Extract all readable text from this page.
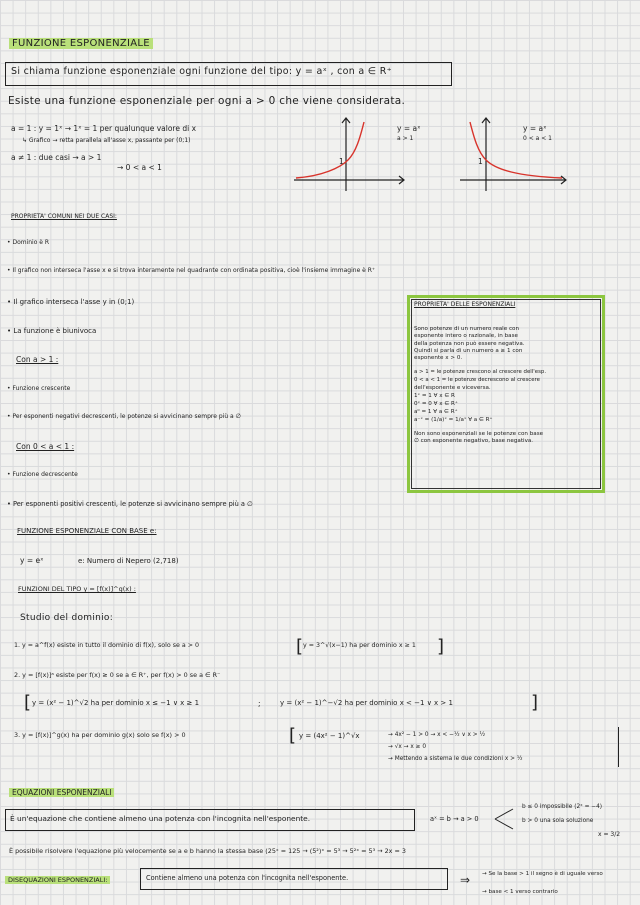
FUNZIONE ESPONENZIALE
Si chiama funzione esponenziale ogni funzione del tipo: y = aˣ , con a ∈ R⁺
Esiste una funzione esponenziale per ogni a > 0 che viene considerata.
a = 1 : y = 1ˣ → 1ˣ = 1 per qualunque valore di x
↳ Grafico → retta parallela all'asse x, passante per (0;1)
a ≠ 1 : due casi → a > 1
→ 0 < a < 1
1
y = aˣ
a > 1
1
y = aˣ
0 < a < 1
PROPRIETA' COMUNI NEI DUE CASI:
• Dominio è R
• Il grafico non interseca l'asse x e si trova interamente nel quadrante con ordinata positiva, cioè l'insieme immagine è R⁺
• Il grafico interseca l'asse y in (0;1)
• La funzione è biunivoca
Con a > 1 :
• Funzione crescente
• Per esponenti negativi decrescenti, le potenze si avvicinano sempre più a ∅
Con 0 < a < 1 :
• Funzione decrescente
• Per esponenti positivi crescenti, le potenze si avvicinano sempre più a ∅
PROPRIETA' DELLE ESPONENZIALI
Sono potenze di un numero reale con
esponente intero o razionale, in base
della potenza non può essere negativa.
Quindi si parla di un numero a ≥ 1 con
esponente x > 0.
a > 1 = le potenze crescono al crescere dell'esp.
0 < a < 1 = le potenze decrescono al crescere
dell'esponente e viceversa.
1ˣ = 1 ∀ x ∈ R
0ˣ = 0 ∀ x ∈ R⁺
a⁰ = 1 ∀ a ∈ R⁺
a⁻ˣ = (1/a)ˣ = 1/aˣ ∀ a ∈ R⁺
Non sono esponenziali se le potenze con base
∅ con esponente negativo, base negativa.
FUNZIONE ESPONENZIALE CON BASE e:
y = eˣ	e: Numero di Nepero (2,718)
FUNZIONI DEL TIPO y = [f(x)]^g(x) :
Studio del dominio:
1. y = a^f(x) esiste in tutto il dominio di f(x), solo se a > 0	y = 3^√(x−1) ha per dominio x ≥ 1
[	]
2. y = [f(x)]ᵃ esiste per f(x) ≥ 0 se a ∈ R⁺, per f(x) > 0 se a ∈ R⁻
[ y = (x² − 1)^√2 ha per dominio x ≤ −1 ∨ x ≥ 1	;	y = (x² − 1)^−√2 ha per dominio x < −1 ∨ x > 1	]
3. y = [f(x)]^g(x) ha per dominio g(x) solo se f(x) > 0	[ y = (4x² − 1)^√x	→ 4x² − 1 > 0 → x < −½ ∨ x > ½
→ √x → x ≥ 0
→ Mettendo a sistema le due condizioni x > ½
EQUAZIONI ESPONENZIALI
È un'equazione che contiene almeno una potenza con l'incognita nell'esponente.	aˣ = b → a > 0
b ≤ 0 impossibile (2ˣ = −4)
b > 0 una sola soluzione
È possibile risolvere l'equazione più velocemente se a e b hanno la stessa base (25ˣ = 125 → (5²)ˣ = 5³ → 5²ˣ = 5³ → 2x = 3
x = 3/2
DISEQUAZIONI ESPONENZIALI:	Contiene almeno una potenza con l'incognita nell'esponente.	⇒ → Se la base > 1 il segno è di uguale verso
→ base < 1 verso contrario
